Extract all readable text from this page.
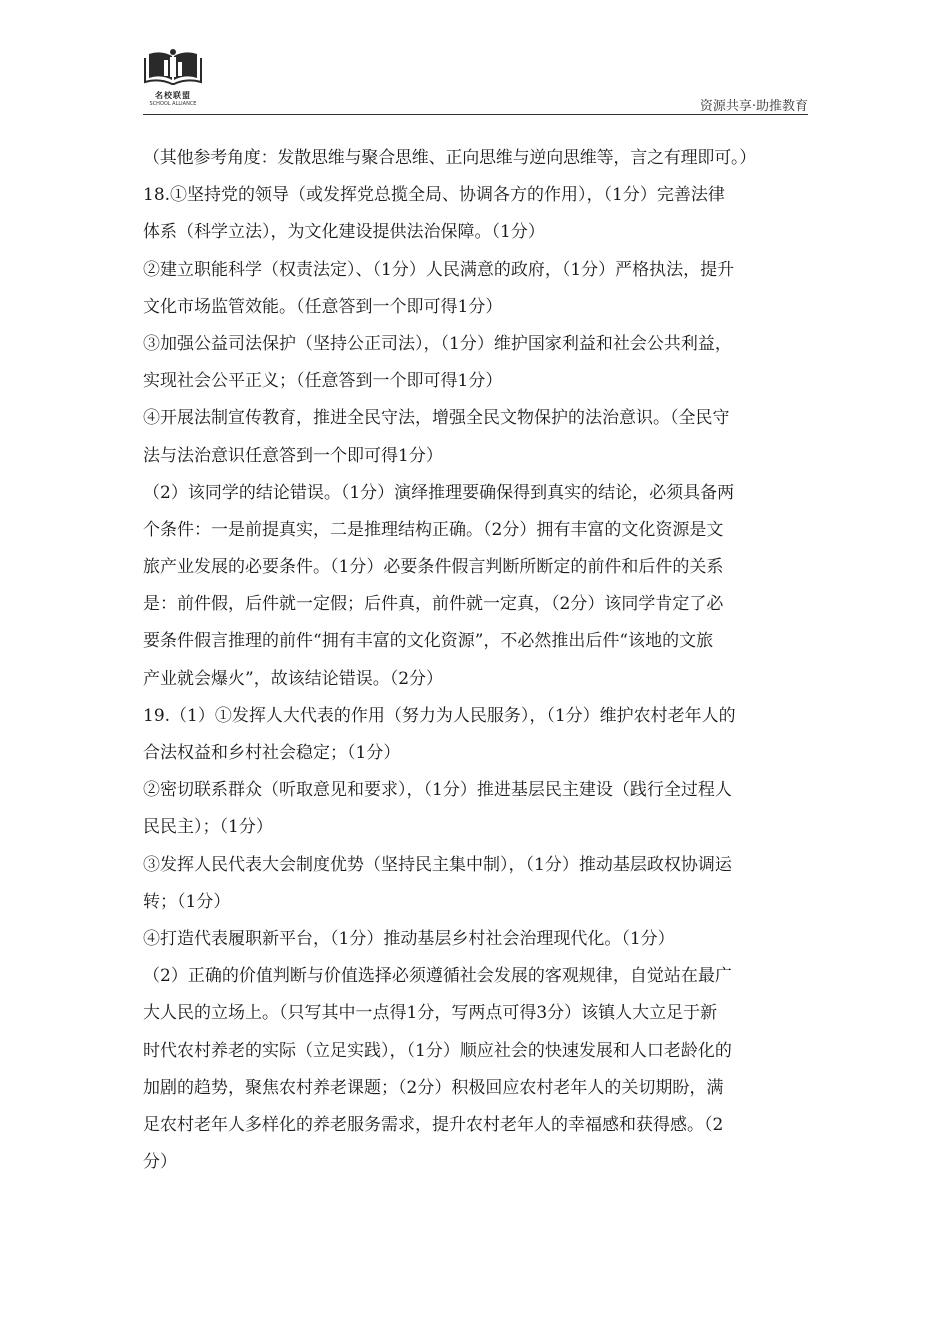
名校联盟
SCHOOL ALLIANCE	资源共享·助推教育
（其他参考角度：发散思维与聚合思维、正向思维与逆向思维等，言之有理即可。）
18.①坚持党的领导（或发挥党总揽全局、协调各方的作用），（1分）完善法律
体系（科学立法），为文化建设提供法治保障。（1分）
②建立职能科学（权责法定）、（1分）人民满意的政府，（1分）严格执法，提升
文化市场监管效能。（任意答到一个即可得1分）
③加强公益司法保护（坚持公正司法），（1分）维护国家利益和社会公共利益，
实现社会公平正义；（任意答到一个即可得1分）
④开展法制宣传教育，推进全民守法，增强全民文物保护的法治意识。（全民守
法与法治意识任意答到一个即可得1分）
（2）该同学的结论错误。（1分）演绎推理要确保得到真实的结论，必须具备两
个条件：一是前提真实，二是推理结构正确。（2分）拥有丰富的文化资源是文
旅产业发展的必要条件。（1分）必要条件假言判断所断定的前件和后件的关系
是：前件假，后件就一定假；后件真，前件就一定真，（2分）该同学肯定了必
要条件假言推理的前件“拥有丰富的文化资源”，不必然推出后件“该地的文旅
产业就会爆火”，故该结论错误。（2分）
19.（1）①发挥人大代表的作用（努力为人民服务），（1分）维护农村老年人的
合法权益和乡村社会稳定；（1分）
②密切联系群众（听取意见和要求），（1分）推进基层民主建设（践行全过程人
民民主）；（1分）
③发挥人民代表大会制度优势（坚持民主集中制），（1分）推动基层政权协调运
转；（1分）
④打造代表履职新平台，（1分）推动基层乡村社会治理现代化。（1分）
（2）正确的价值判断与价值选择必须遵循社会发展的客观规律，自觉站在最广
大人民的立场上。（只写其中一点得1分，写两点可得3分）该镇人大立足于新
时代农村养老的实际（立足实践），（1分）顺应社会的快速发展和人口老龄化的
加剧的趋势，聚焦农村养老课题；（2分）积极回应农村老年人的关切期盼，满
足农村老年人多样化的养老服务需求，提升农村老年人的幸福感和获得感。（2
分）
